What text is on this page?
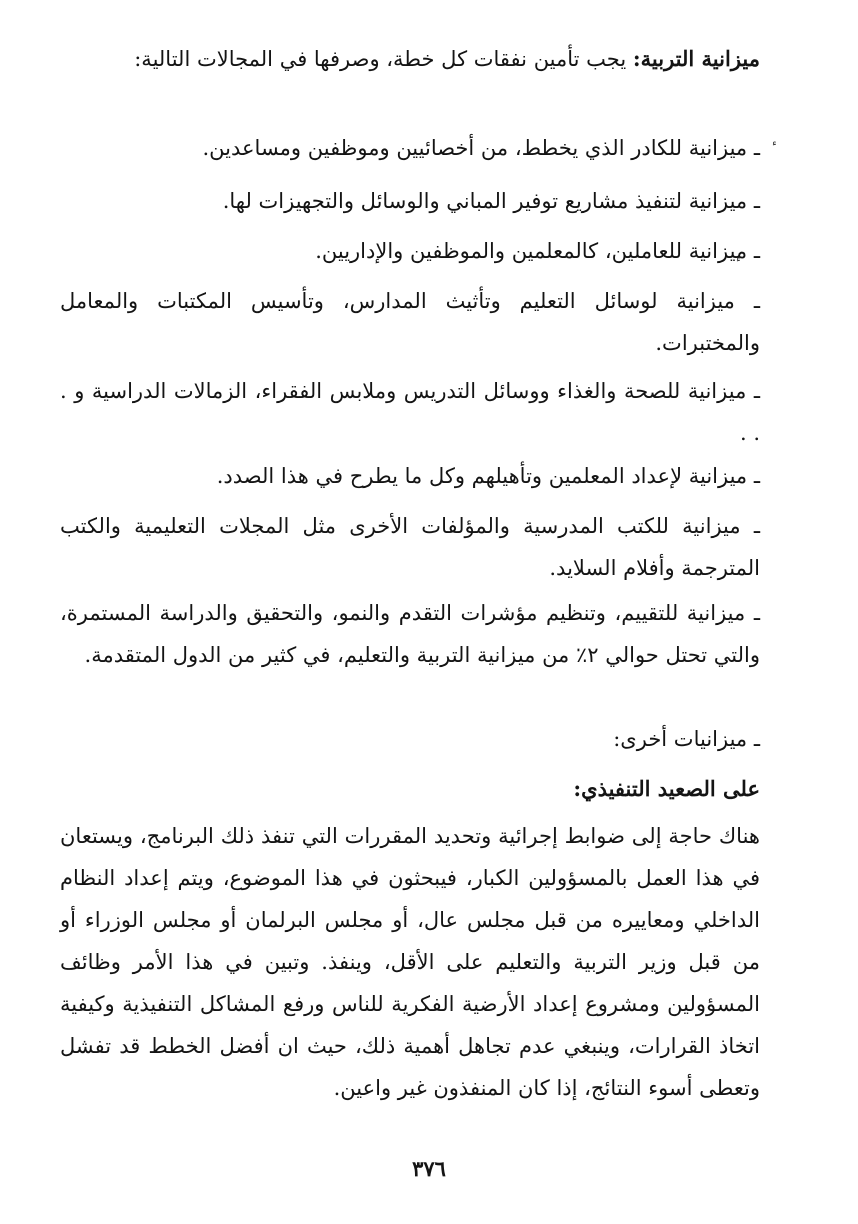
ميزانية التربية: يجب تأمين نفقات كل خطة، وصرفها في المجالات التالية:
ـ ميزانية للكادر الذي يخطط، من أخصائيين وموظفين ومساعدين.
ـ ميزانية لتنفيذ مشاريع توفير المباني والوسائل والتجهيزات لها.
ـ ميزانية للعاملين، كالمعلمين والموظفين والإداريين.
ـ ميزانية لوسائل التعليم وتأثيث المدارس، وتأسيس المكتبات والمعامل والمختبرات.
ـ ميزانية للصحة والغذاء ووسائل التدريس وملابس الفقراء، الزمالات الدراسية و . . .
ـ ميزانية لإعداد المعلمين وتأهيلهم وكل ما يطرح في هذا الصدد.
ـ ميزانية للكتب المدرسية والمؤلفات الأخرى مثل المجلات التعليمية والكتب المترجمة وأفلام السلايد.
ـ ميزانية للتقييم، وتنظيم مؤشرات التقدم والنمو، والتحقيق والدراسة المستمرة، والتي تحتل حوالي ٢٪ من ميزانية التربية والتعليم، في كثير من الدول المتقدمة.
ـ ميزانيات أخرى:
على الصعيد التنفيذي:
هناك حاجة إلى ضوابط إجرائية وتحديد المقررات التي تنفذ ذلك البرنامج، ويستعان في هذا العمل بالمسؤولين الكبار، فيبحثون في هذا الموضوع، ويتم إعداد النظام الداخلي ومعاييره من قبل مجلس عال، أو مجلس البرلمان أو مجلس الوزراء أو من قبل وزير التربية والتعليم على الأقل، وينفذ. وتبين في هذا الأمر وظائف المسؤولين ومشروع إعداد الأرضية الفكرية للناس ورفع المشاكل التنفيذية وكيفية اتخاذ القرارات، وينبغي عدم تجاهل أهمية ذلك، حيث ان أفضل الخطط قد تفشل وتعطى أسوء النتائج، إذا كان المنفذون غير واعين.
٣٧٦
